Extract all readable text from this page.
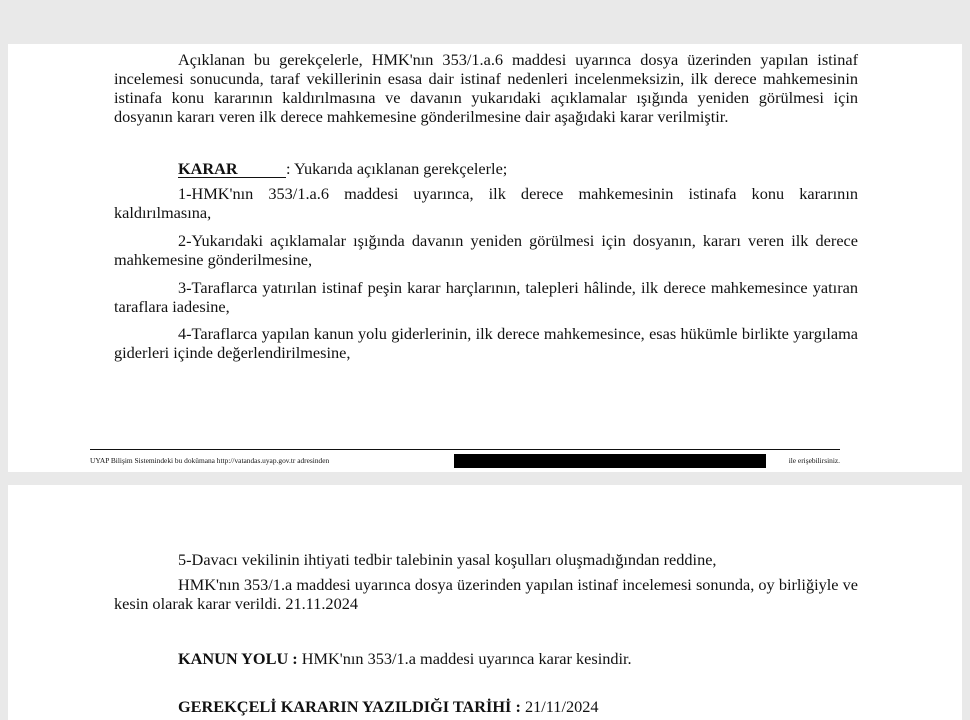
Açıklanan bu gerekçelerle, HMK'nın 353/1.a.6 maddesi uyarınca dosya üzerinden yapılan istinaf incelemesi sonucunda, taraf vekillerinin esasa dair istinaf nedenleri incelenmeksizin, ilk derece mahkemesinin istinafa konu kararının kaldırılmasına ve davanın yukarıdaki açıklamalar ışığında yeniden görülmesi için dosyanın kararı veren ilk derece mahkemesine gönderilmesine dair aşağıdaki karar verilmiştir.

KARAR	: Yukarıda açıklanan gerekçelerle;

1-HMK'nın 353/1.a.6 maddesi uyarınca, ilk derece mahkemesinin istinafa konu kararının kaldırılmasına,

2-Yukarıdaki açıklamalar ışığında davanın yeniden görülmesi için dosyanın, kararı veren ilk derece mahkemesine gönderilmesine,

3-Taraflarca yatırılan istinaf peşin karar harçlarının, talepleri hâlinde, ilk derece mahkemesince yatıran taraflara iadesine,

4-Taraflarca yapılan kanun yolu giderlerinin, ilk derece mahkemesince, esas hükümle birlikte yargılama giderleri içinde değerlendirilmesine,

UYAP Bilişim Sistemindeki bu dokümana http://vatandas.uyap.gov.tr adresinden	ile erişebilirsiniz.

5-Davacı vekilinin ihtiyati tedbir talebinin yasal koşulları oluşmadığından reddine,

HMK'nın 353/1.a maddesi uyarınca dosya üzerinden yapılan istinaf incelemesi sonunda, oy birliğiyle ve kesin olarak karar verildi. 21.11.2024

KANUN YOLU : HMK'nın 353/1.a maddesi uyarınca karar kesindir.

GEREKÇELİ KARARIN YAZILDIĞI TARİHİ : 21/11/2024
